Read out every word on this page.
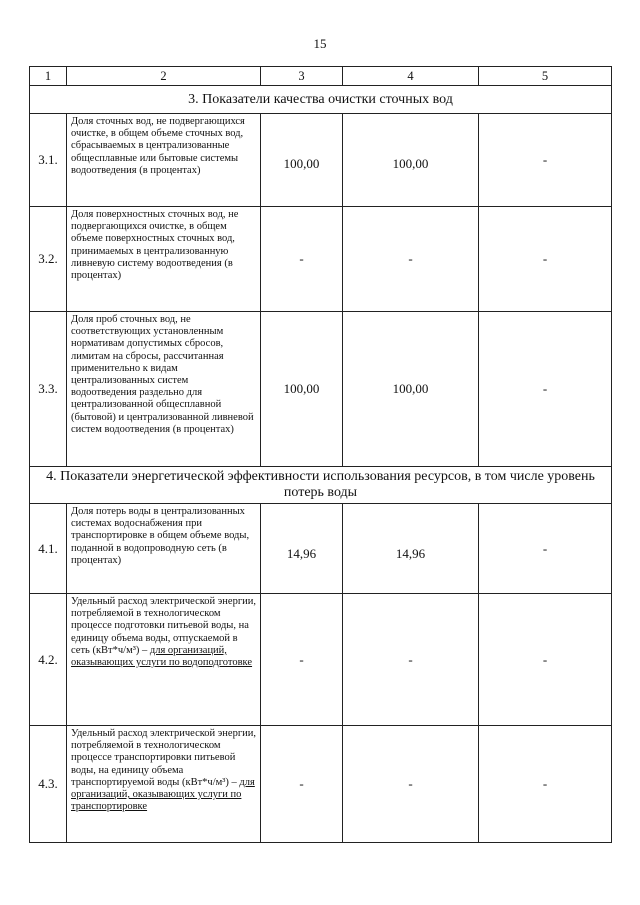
15
1	2	3	4	5
3. Показатели качества очистки сточных вод				
3.1.	Доля сточных вод, не подвергающихся очистке, в общем объеме сточных вод, сбрасываемых в централизованные общесплавные или бытовые системы водоотведения (в процентах)	100,00	100,00	-
3.2.	Доля поверхностных сточных вод, не подвергающихся очистке, в общем объеме поверхностных сточных вод, принимаемых в централизованную ливневую систему водоотведения (в процентах)	-	-	-
3.3.	Доля проб сточных вод, не соответствующих установленным нормативам допустимых сбросов, лимитам на сбросы, рассчитанная применительно к видам централизованных систем водоотведения раздельно для централизованной общесплавной (бытовой) и централизованной ливневой систем водоотведения (в процентах)	100,00	100,00	-
4. Показатели энергетической эффективности использования ресурсов, в том числе уровень потерь воды				
4.1.	Доля потерь воды в централизованных системах водоснабжения при транспортировке в общем объеме воды, поданной в водопроводную сеть (в процентах)	14,96	14,96	-
4.2.	Удельный расход электрической энергии, потребляемой в технологическом процессе подготовки питьевой воды, на единицу объема воды, отпускаемой в сеть (кВт*ч/м³) – для организаций, оказывающих услуги по водоподготовке	-	-	-
4.3.	Удельный расход электрической энергии, потребляемой в технологическом процессе транспортировки питьевой воды, на единицу объема транспортируемой воды (кВт*ч/м³) – для организаций, оказывающих услуги по транспортировке	-	-	-
